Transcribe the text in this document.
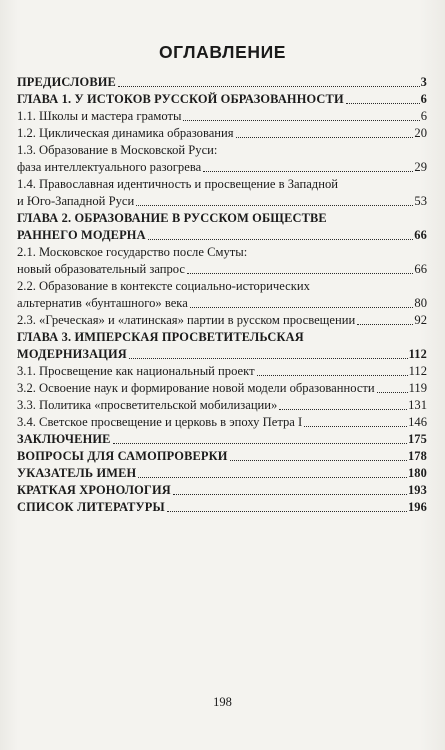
ОГЛАВЛЕНИЕ
ПРЕДИСЛОВИЕ	3
ГЛАВА 1. У ИСТОКОВ РУССКОЙ ОБРАЗОВАННОСТИ	6
1.1. Школы и мастера грамоты	6
1.2. Циклическая динамика образования	20
1.3. Образование в Московской Руси:
фаза интеллектуального разогрева	29
1.4. Православная идентичность и просвещение в Западной
и Юго-Западной Руси	53
ГЛАВА 2. ОБРАЗОВАНИЕ В РУССКОМ ОБЩЕСТВЕ
РАННЕГО МОДЕРНА	66
2.1. Московское государство после Смуты:
новый образовательный запрос	66
2.2. Образование в контексте социально-исторических
альтернатив «бунташного» века	80
2.3. «Греческая» и «латинская» партии в русском просвещении	92
ГЛАВА 3. ИМПЕРСКАЯ ПРОСВЕТИТЕЛЬСКАЯ
МОДЕРНИЗАЦИЯ	112
3.1. Просвещение как национальный проект	112
3.2. Освоение наук и формирование новой модели образованности	119
3.3. Политика «просветительской мобилизации»	131
3.4. Светское просвещение и церковь в эпоху Петра I	146
ЗАКЛЮЧЕНИЕ	175
ВОПРОСЫ ДЛЯ САМОПРОВЕРКИ	178
УКАЗАТЕЛЬ ИМЕН	180
КРАТКАЯ ХРОНОЛОГИЯ	193
СПИСОК ЛИТЕРАТУРЫ	196
198
